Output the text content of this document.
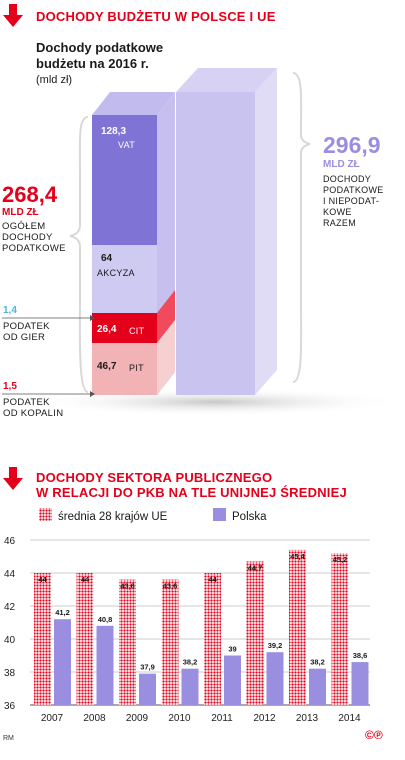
DOCHODY BUDŻETU W POLSCE I UE
Dochody podatkowe
budżetu na 2016 r.
(mld zł)
128,3
VAT
64
AKCYZA
26,4 CIT
46,7 PIT
268,4
MLD ZŁ
OGÓŁEM
DOCHODY
PODATKOWE
296,9
MLD ZŁ
DOCHODY
PODATKOWE
I NIEPODAT-
KOWE
RAZEM
1,4
PODATEK
OD GIER
1,5
PODATEK
OD KOPALIN
DOCHODY SEKTORA PUBLICZNEGO
W RELACJI DO PKB NA TLE UNIJNEJ ŚREDNIEJ
średnia 28 krajów UE	Polska
36
38
40
42
44
46
44
41,2
2007
44
40,8
2008
43,6
37,9
2009
43,6
38,2
2010
44
39
2011
44,7
39,2
2012
45,4
38,2
2013
45,2
38,6
2014
RM	©℗
